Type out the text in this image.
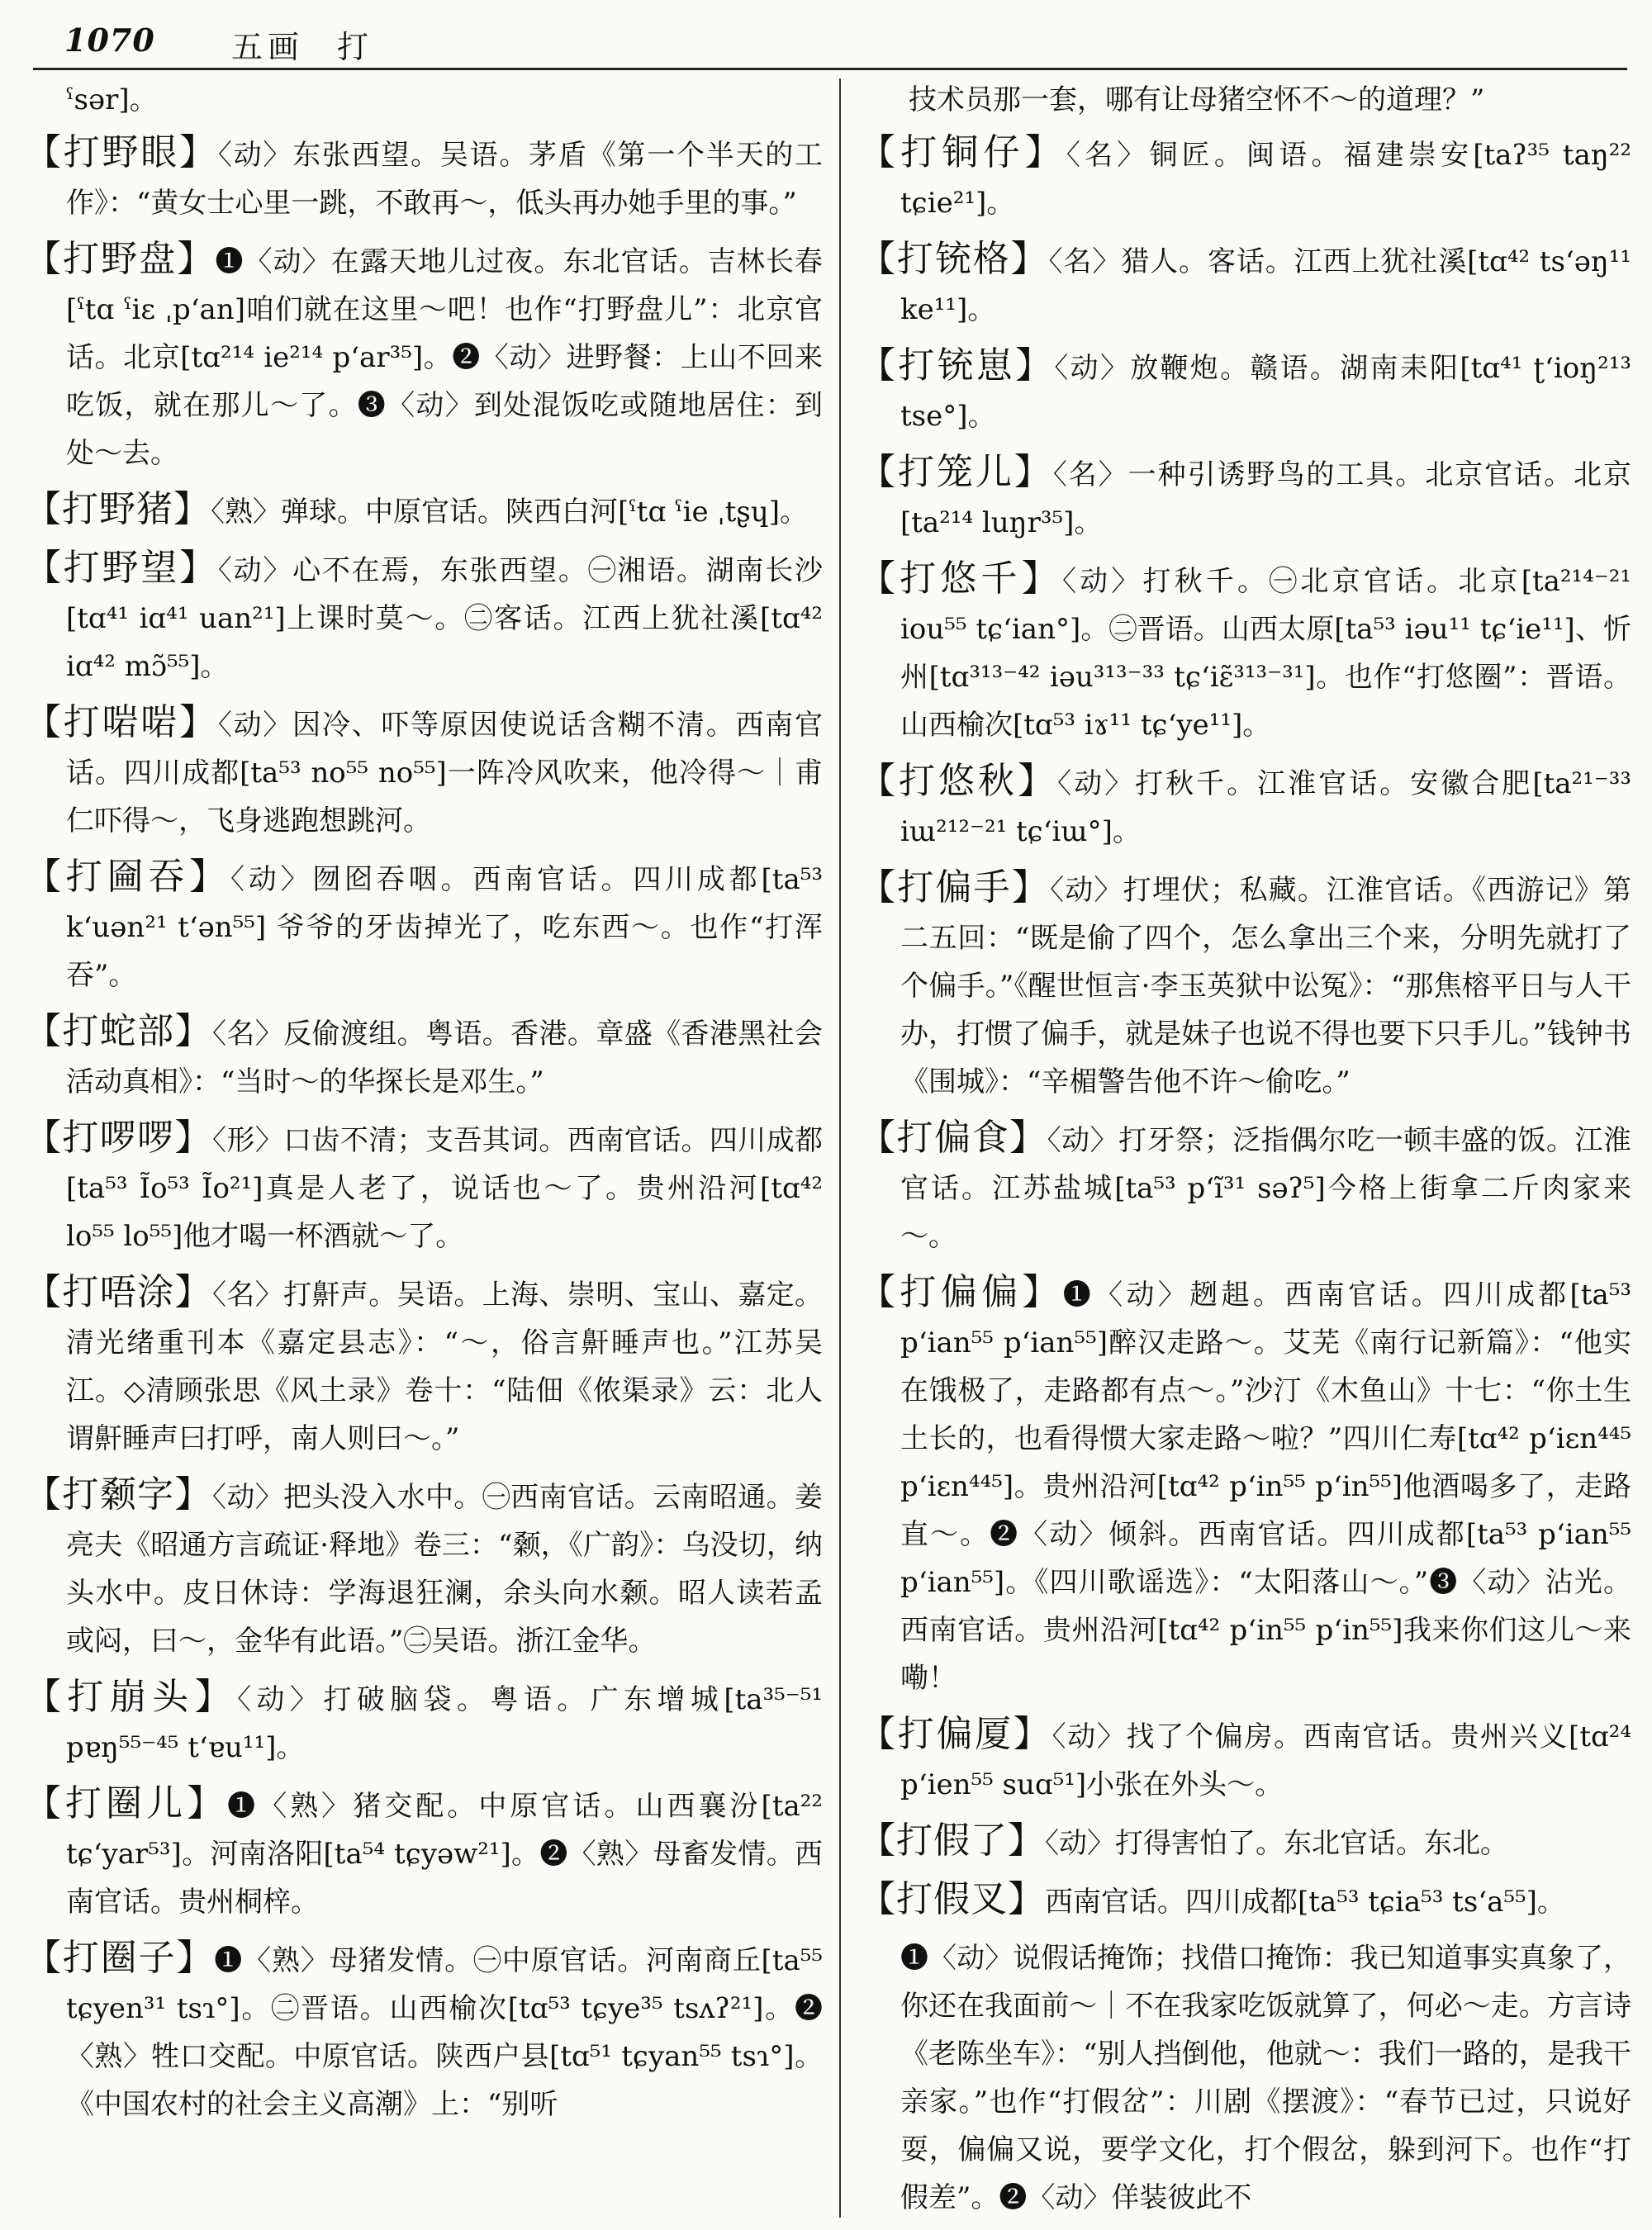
1070 五画 打
ˤsər]。
【打野眼】〈动〉东张西望。吴语。茅盾《第一个半天的工作》：“黄女士心里一跳，不敢再～，低头再办她手里的事。”
【打野盘】❶〈动〉在露天地儿过夜。东北官话。吉林长春[ˤtɑ ˤiɛ ˌpʻan]咱们就在这里～吧！也作“打野盘儿”：北京官话。北京[tɑ²¹⁴ ie²¹⁴ pʻar³⁵]。❷〈动〉进野餐：上山不回来吃饭，就在那儿～了。❸〈动〉到处混饭吃或随地居住：到处～去。
【打野猪】〈熟〉弹球。中原官话。陕西白河[ˤtɑ ˤie ˌtʂɥ]。
【打野望】〈动〉心不在焉，东张西望。㊀湘语。湖南长沙[tɑ⁴¹ iɑ⁴¹ uan²¹]上课时莫～。㊁客话。江西上犹社溪[tɑ⁴² iɑ⁴² mɔ̃⁵⁵]。
【打啱啱】〈动〉因冷、吓等原因使说话含糊不清。西南官话。四川成都[ta⁵³ no⁵⁵ no⁵⁵]一阵冷风吹来，他冷得～｜甫仁吓得～，飞身逃跑想跳河。
【打圇吞】〈动〉囫囵吞咽。西南官话。四川成都[ta⁵³ kʻuən²¹ tʻən⁵⁵] 爷爷的牙齿掉光了，吃东西～。也作“打浑吞”。
【打蛇部】〈名〉反偷渡组。粤语。香港。章盛《香港黑社会活动真相》：“当时～的华探长是邓生。”
【打啰啰】〈形〉口齿不清；支吾其词。西南官话。四川成都[ta⁵³ Ĩo⁵³ Ĩo²¹]真是人老了，说话也～了。贵州沿河[tɑ⁴² lo⁵⁵ lo⁵⁵]他才喝一杯酒就～了。
【打唔涂】〈名〉打鼾声。吴语。上海、崇明、宝山、嘉定。清光绪重刊本《嘉定县志》：“～，俗言鼾睡声也。”江苏吴江。◇清顾张思《风土录》卷十：“陆佃《侬渠录》云：北人谓鼾睡声曰打呼，南人则曰～。”
【打颡字】〈动〉把头没入水中。㊀西南官话。云南昭通。姜亮夫《昭通方言疏证·释地》卷三：“颡，《广韵》：乌没切，纳头水中。皮日休诗：学海退狂澜，余头向水颡。昭人读若孟或闷，曰～，金华有此语。”㊁吴语。浙江金华。
【打崩头】〈动〉打破脑袋。粤语。广东增城[ta³⁵⁻⁵¹ pɐŋ⁵⁵⁻⁴⁵ tʻɐu¹¹]。
【打圈儿】❶〈熟〉猪交配。中原官话。山西襄汾[ta²² tɕʻyar⁵³]。河南洛阳[ta⁵⁴ tɕyəw²¹]。❷〈熟〉母畜发情。西南官话。贵州桐梓。
【打圈子】❶〈熟〉母猪发情。㊀中原官话。河南商丘[ta⁵⁵ tɕyen³¹ tsɿ°]。㊁晋语。山西榆次[tɑ⁵³ tɕye³⁵ tsʌʔ²¹]。❷〈熟〉牲口交配。中原官话。陕西户县[tɑ⁵¹ tɕyan⁵⁵ tsɿ°]。《中国农村的社会主义高潮》上：“别听
技术员那一套，哪有让母猪空怀不～的道理？”
【打铜仔】〈名〉铜匠。闽语。福建崇安[taʔ³⁵ taŋ²² tɕie²¹]。
【打铳格】〈名〉猎人。客话。江西上犹社溪[tɑ⁴² tsʻəŋ¹¹ ke¹¹]。
【打铳崽】〈动〉放鞭炮。赣语。湖南耒阳[tɑ⁴¹ ʈʻioŋ²¹³ tse°]。
【打笼儿】〈名〉一种引诱野鸟的工具。北京官话。北京[ta²¹⁴ luŋr³⁵]。
【打悠千】〈动〉打秋千。㊀北京官话。北京[ta²¹⁴⁻²¹ iou⁵⁵ tɕʻian°]。㊁晋语。山西太原[ta⁵³ iəu¹¹ tɕʻie¹¹]、忻州[tɑ³¹³⁻⁴² iəu³¹³⁻³³ tɕʻiɛ̃³¹³⁻³¹]。也作“打悠圈”：晋语。山西榆次[tɑ⁵³ iɤ¹¹ tɕʻye¹¹]。
【打悠秋】〈动〉打秋千。江淮官话。安徽合肥[ta²¹⁻³³ iɯ²¹²⁻²¹ tɕʻiɯ°]。
【打偏手】〈动〉打埋伏；私藏。江淮官话。《西游记》第二五回：“既是偷了四个，怎么拿出三个来，分明先就打了个偏手。”《醒世恒言·李玉英狱中讼冤》：“那焦榕平日与人干办，打惯了偏手，就是妹子也说不得也要下只手儿。”钱钟书《围城》：“辛楣警告他不许～偷吃。”
【打偏食】〈动〉打牙祭；泛指偶尔吃一顿丰盛的饭。江淮官话。江苏盐城[ta⁵³ pʻĩ³¹ səʔ⁵]今格上街拿二斤肉家来～。
【打偏偏】❶〈动〉趔趄。西南官话。四川成都[ta⁵³ pʻian⁵⁵ pʻian⁵⁵]醉汉走路～。艾芜《南行记新篇》：“他实在饿极了，走路都有点～。”沙汀《木鱼山》十七：“你土生土长的，也看得惯大家走路～啦？”四川仁寿[tɑ⁴² pʻiɛn⁴⁴⁵ pʻiɛn⁴⁴⁵]。贵州沿河[tɑ⁴² pʻin⁵⁵ pʻin⁵⁵]他酒喝多了，走路直～。❷〈动〉倾斜。西南官话。四川成都[ta⁵³ pʻian⁵⁵ pʻian⁵⁵]。《四川歌谣选》：“太阳落山～。”❸〈动〉沾光。西南官话。贵州沿河[tɑ⁴² pʻin⁵⁵ pʻin⁵⁵]我来你们这儿～来嘞！
【打偏厦】〈动〉找了个偏房。西南官话。贵州兴义[tɑ²⁴ pʻien⁵⁵ suɑ⁵¹]小张在外头～。
【打假了】〈动〉打得害怕了。东北官话。东北。
【打假叉】西南官话。四川成都[ta⁵³ tɕia⁵³ tsʻa⁵⁵]。
❶〈动〉说假话掩饰；找借口掩饰：我已知道事实真象了，你还在我面前～｜不在我家吃饭就算了，何必～走。方言诗《老陈坐车》：“别人挡倒他，他就～：我们一路的，是我干亲家。”也作“打假岔”：川剧《摆渡》：“春节已过，只说好耍，偏偏又说，要学文化，打个假岔，躲到河下。也作“打假差”。❷〈动〉佯装彼此不
